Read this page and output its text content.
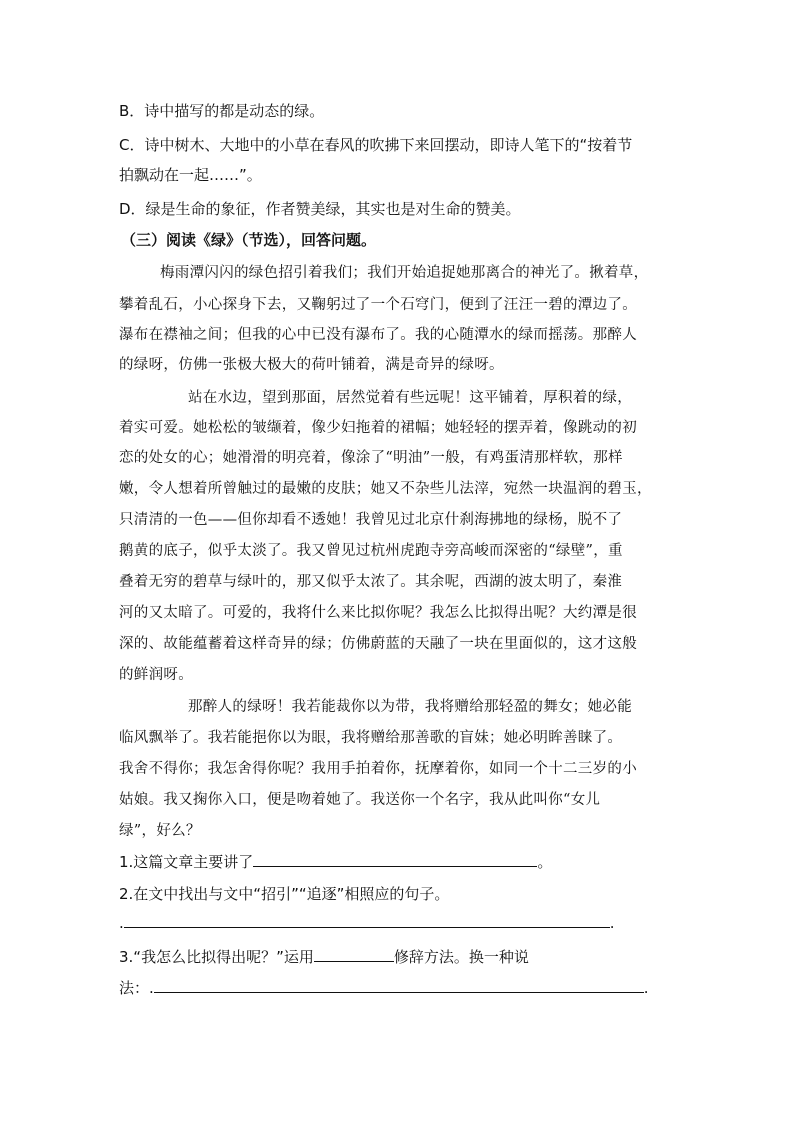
B．诗中描写的都是动态的绿。
C．诗中树木、大地中的小草在春风的吹拂下来回摆动，即诗人笔下的“按着节
拍飘动在一起……”。
D．绿是生命的象征，作者赞美绿，其实也是对生命的赞美。
（三）阅读《绿》（节选），回答问题。
梅雨潭闪闪的绿色招引着我们；我们开始追捉她那离合的神光了。揪着草，
攀着乱石，小心探身下去，又鞠躬过了一个石穹门，便到了汪汪一碧的潭边了。
瀑布在襟袖之间；但我的心中已没有瀑布了。我的心随潭水的绿而摇荡。那醉人
的绿呀，仿佛一张极大极大的荷叶铺着，满是奇异的绿呀。
站在水边，望到那面，居然觉着有些远呢！这平铺着，厚积着的绿，
着实可爱。她松松的皱缬着，像少妇拖着的裙幅；她轻轻的摆弄着，像跳动的初
恋的处女的心；她滑滑的明亮着，像涂了“明油”一般，有鸡蛋清那样软，那样
嫩，令人想着所曾触过的最嫩的皮肤；她又不杂些儿法滓，宛然一块温润的碧玉，
只清清的一色——但你却看不透她！我曾见过北京什刹海拂地的绿杨，脱不了
鹅黄的底子，似乎太淡了。我又曾见过杭州虎跑寺旁高峻而深密的“绿壁”，重
叠着无穷的碧草与绿叶的，那又似乎太浓了。其余呢，西湖的波太明了，秦淮
河的又太暗了。可爱的，我将什么来比拟你呢？我怎么比拟得出呢？大约潭是很
深的、故能蕴蓄着这样奇异的绿；仿佛蔚蓝的天融了一块在里面似的，这才这般
的鲜润呀。
那醉人的绿呀！我若能裁你以为带，我将赠给那轻盈的舞女；她必能
临风飘举了。我若能挹你以为眼，我将赠给那善歌的盲妹；她必明眸善睐了。
我舍不得你；我怎舍得你呢？我用手拍着你，抚摩着你，如同一个十二三岁的小
姑娘。我又掬你入口，便是吻着她了。我送你一个名字，我从此叫你“女儿
绿”，好么？
1.这篇文章主要讲了	。
2.在文中找出与文中“招引”“追逐”相照应的句子。
.	.
3.“我怎么比拟得出呢？”运用	修辞方法。换一种说
法：.	.
